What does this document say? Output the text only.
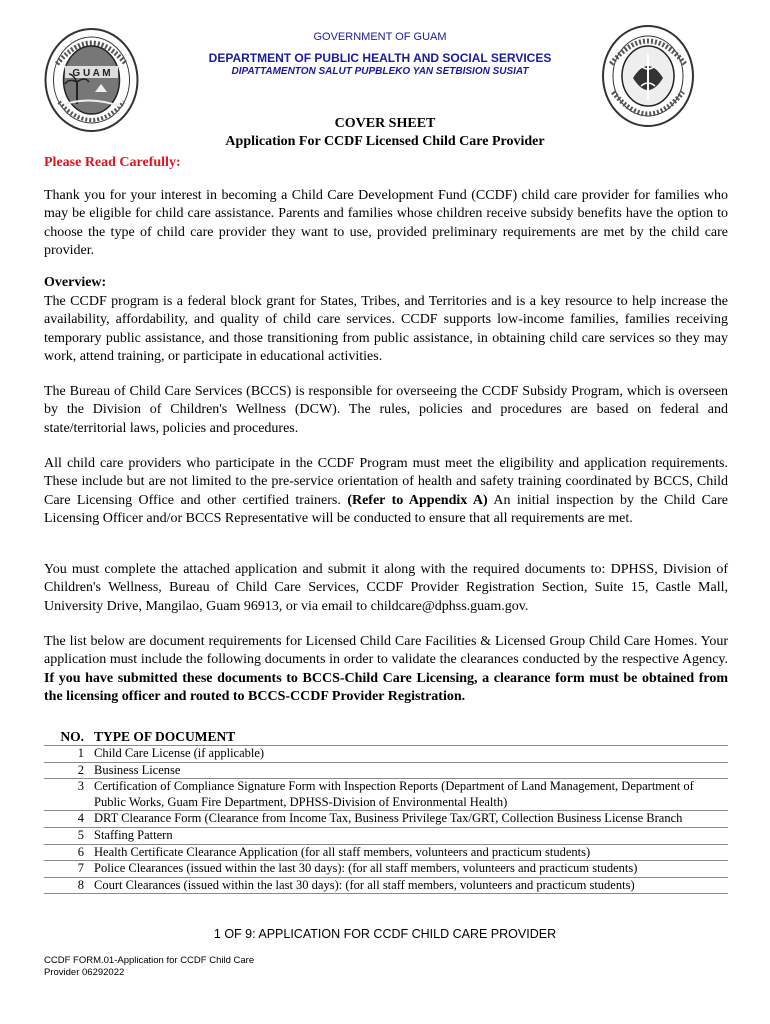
G U A M
GOVERNMENT OF GUAM
DEPARTMENT OF PUBLIC HEALTH AND SOCIAL SERVICES
DIPATTAMENTON SALUT PUPBLEKO YAN SETBISION SUSIAT
COVER SHEET
Application For CCDF Licensed Child Care Provider
Please Read Carefully:

Thank you for your interest in becoming a Child Care Development Fund (CCDF) child care provider for families who may be eligible for child care assistance. Parents and families whose children receive subsidy benefits have the option to choose the type of child care provider they want to use, provided preliminary requirements are met by the child care provider.

Overview:

The CCDF program is a federal block grant for States, Tribes, and Territories and is a key resource to help increase the availability, affordability, and quality of child care services. CCDF supports low-income families, families receiving temporary public assistance, and those transitioning from public assistance, in obtaining child care services so they may work, attend training, or participate in educational activities.

The Bureau of Child Care Services (BCCS) is responsible for overseeing the CCDF Subsidy Program, which is overseen by the Division of Children's Wellness (DCW). The rules, policies and procedures are based on federal and state/territorial laws, policies and procedures.

All child care providers who participate in the CCDF Program must meet the eligibility and application requirements. These include but are not limited to the pre-service orientation of health and safety training coordinated by BCCS, Child Care Licensing Office and other certified trainers. (Refer to Appendix A) An initial inspection by the Child Care Licensing Officer and/or BCCS Representative will be conducted to ensure that all requirements are met.

You must complete the attached application and submit it along with the required documents to: DPHSS, Division of Children's Wellness, Bureau of Child Care Services, CCDF Provider Registration Section, Suite 15, Castle Mall, University Drive, Mangilao, Guam 96913, or via email to childcare@dphss.guam.gov.

The list below are document requirements for Licensed Child Care Facilities & Licensed Group Child Care Homes. Your application must include the following documents in order to validate the clearances conducted by the respective Agency. If you have submitted these documents to BCCS-Child Care Licensing, a clearance form must be obtained from the licensing officer and routed to BCCS-CCDF Provider Registration.

NO.	TYPE OF DOCUMENT
1	Child Care License (if applicable)
2	Business License
3	Certification of Compliance Signature Form with Inspection Reports (Department of Land Management, Department of Public Works, Guam Fire Department, DPHSS-Division of Environmental Health)
4	DRT Clearance Form (Clearance from Income Tax, Business Privilege Tax/GRT, Collection Business License Branch
5	Staffing Pattern
6	Health Certificate Clearance Application (for all staff members, volunteers and practicum students)
7	Police Clearances (issued within the last 30 days): (for all staff members, volunteers and practicum students)
8	Court Clearances (issued within the last 30 days): (for all staff members, volunteers and practicum students)
1 OF 9: APPLICATION FOR CCDF CHILD CARE PROVIDER
CCDF FORM.01-Application for CCDF Child Care
Provider 06292022
